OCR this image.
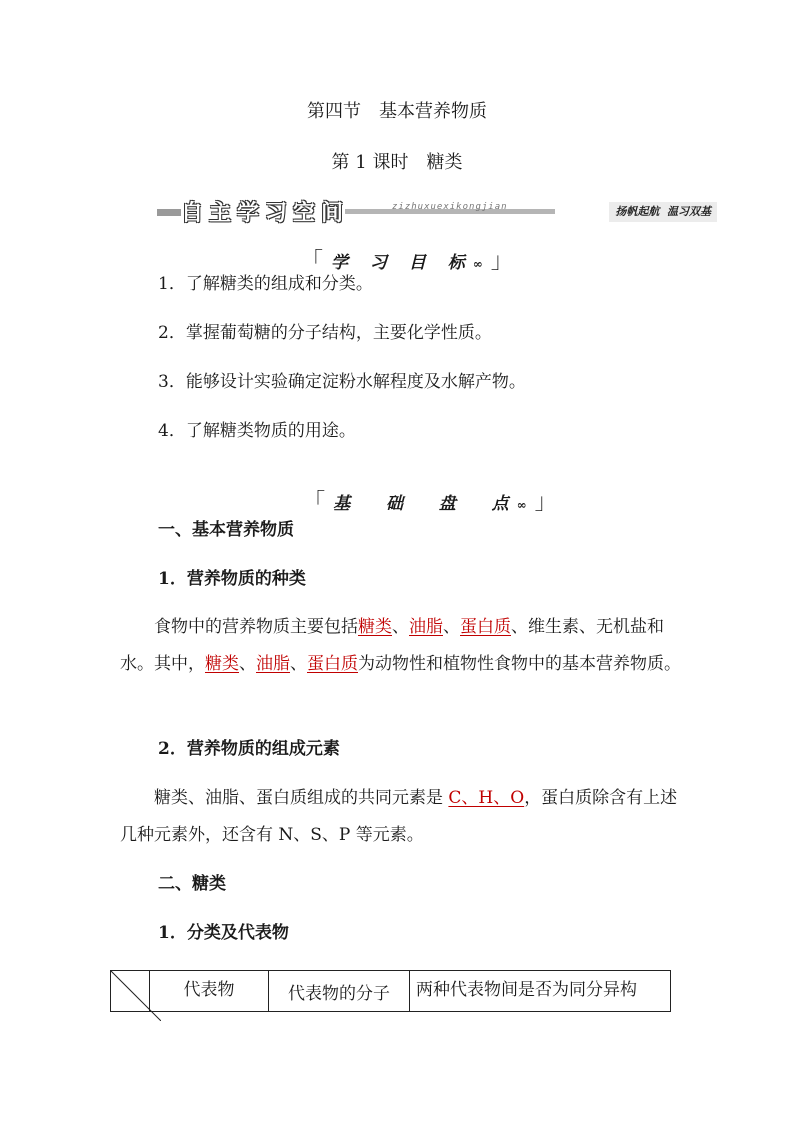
第四节　基本营养物质
第 1 课时　糖类
自主学习空间	zizhuxuexikongjian	扬帆起航  温习双基

「学 习 目 标∞」

1．了解糖类的组成和分类。
2．掌握葡萄糖的分子结构，主要化学性质。
3．能够设计实验确定淀粉水解程度及水解产物。
4．了解糖类物质的用途。

「基  础  盘  点∞」

一、基本营养物质
1．营养物质的种类
食物中的营养物质主要包括糖类、油脂、蛋白质、维生素、无机盐和水。其中，糖类、油脂、蛋白质为动物性和植物性食物中的基本营养物质。
2．营养物质的组成元素
糖类、油脂、蛋白质组成的共同元素是 C、H、O，蛋白质除含有上述几种元素外，还含有 N、S、P 等元素。
二、糖类
1．分类及代表物
	代表物	代表物的分子	两种代表物间是否为同分异构
